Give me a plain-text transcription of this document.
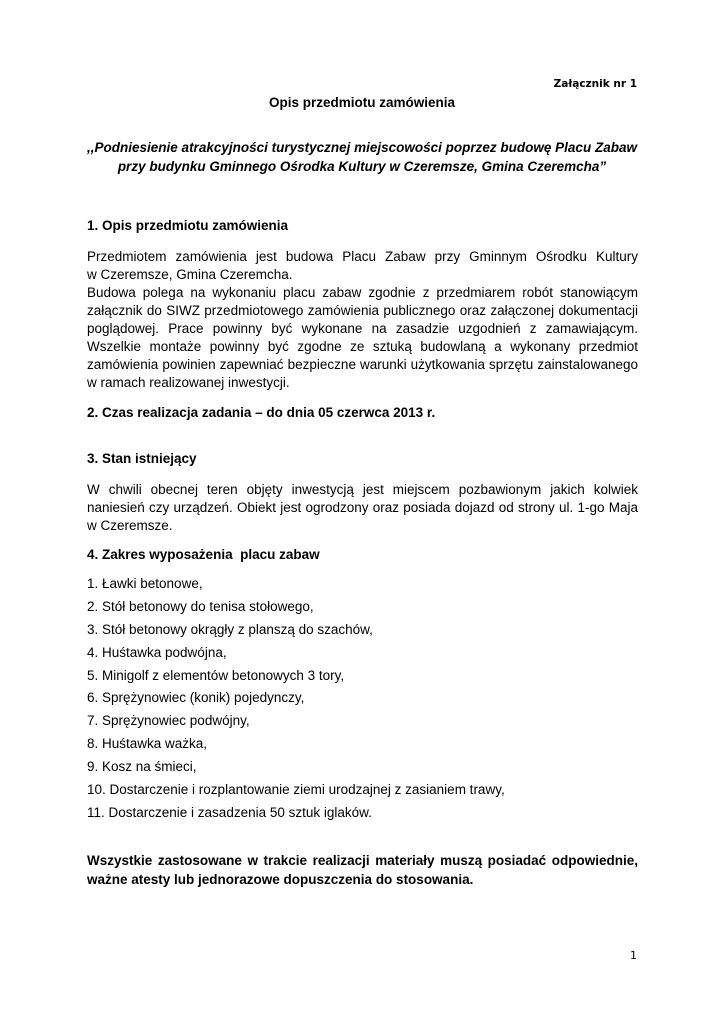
Załącznik nr 1
Opis przedmiotu zamówienia
,,Podniesienie atrakcyjności turystycznej miejscowości poprzez budowę Placu Zabaw
przy budynku Gminnego Ośrodka Kultury w Czeremsze, Gmina Czeremcha”
1. Opis przedmiotu zamówienia
Przedmiotem zamówienia jest budowa Placu Zabaw przy Gminnym Ośrodku Kultury
w Czeremsze, Gmina Czeremcha.
Budowa polega na wykonaniu placu zabaw zgodnie z przedmiarem robót stanowiącym
załącznik do SIWZ przedmiotowego zamówienia publicznego oraz załączonej dokumentacji
poglądowej. Prace powinny być wykonane na zasadzie uzgodnień z zamawiającym.
Wszelkie montaże powinny być zgodne ze sztuką budowlaną a wykonany przedmiot
zamówienia powinien zapewniać bezpieczne warunki użytkowania sprzętu zainstalowanego
w ramach realizowanej inwestycji.
2. Czas realizacja zadania – do dnia 05 czerwca 2013 r.
3. Stan istniejący
W chwili obecnej teren objęty inwestycją jest miejscem pozbawionym jakich kolwiek
naniesień czy urządzeń. Obiekt jest ogrodzony oraz posiada dojazd od strony ul. 1-go Maja
w Czeremsze.
4. Zakres wyposażenia  placu zabaw
1. Ławki betonowe,
2. Stół betonowy do tenisa stołowego,
3. Stół betonowy okrągły z planszą do szachów,
4. Huśtawka podwójna,
5. Minigolf z elementów betonowych 3 tory,
6. Sprężynowiec (konik) pojedynczy,
7. Sprężynowiec podwójny,
8. Huśtawka ważka,
9. Kosz na śmieci,
10. Dostarczenie i rozplantowanie ziemi urodzajnej z zasianiem trawy,
11. Dostarczenie i zasadzenia 50 sztuk iglaków.
Wszystkie zastosowane w trakcie realizacji materiały muszą posiadać odpowiednie,
ważne atesty lub jednorazowe dopuszczenia do stosowania.
1
